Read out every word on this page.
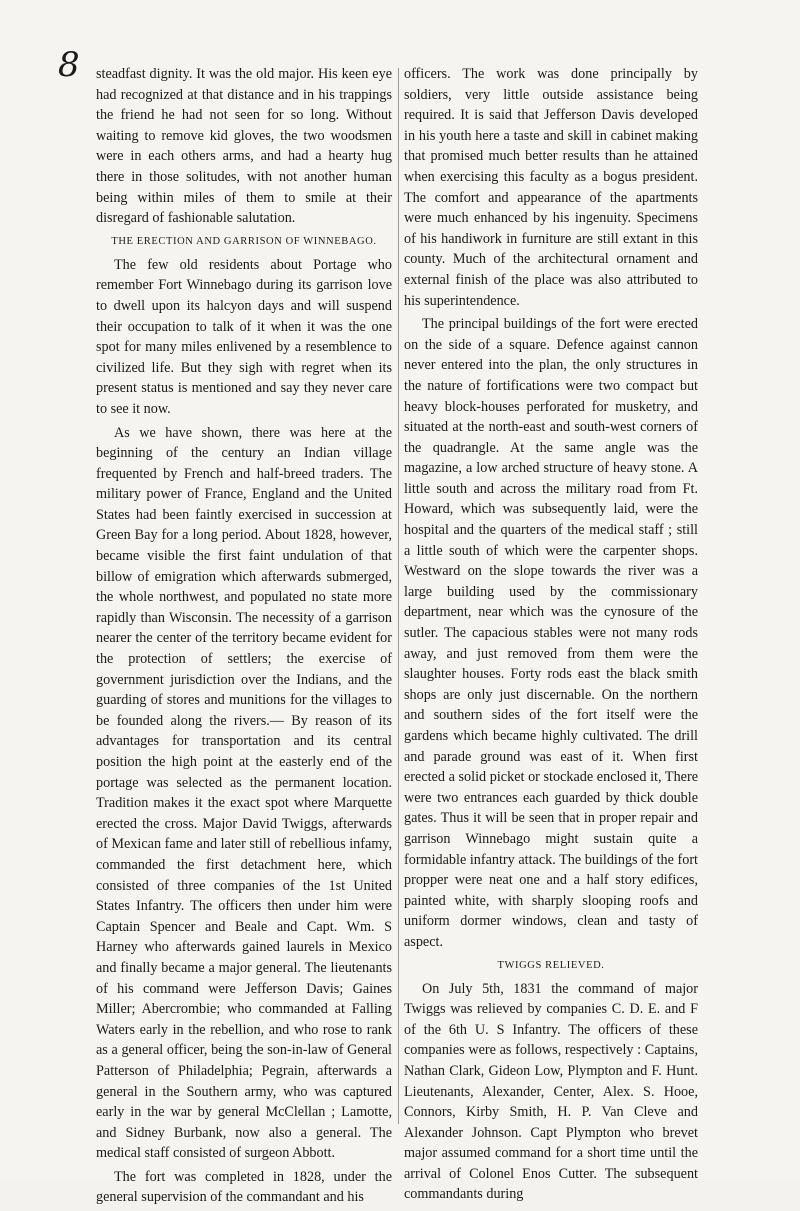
8 steadfast dignity. It was the old major. His keen eye had recognized at that distance and in his trappings the friend he had not seen for so long. Without waiting to remove kid gloves, the two woodsmen were in each others arms, and had a hearty hug there in those solitudes, with not another human being within miles of them to smile at their disregard of fashionable salutation.

THE ERECTION AND GARRISON OF WINNEBAGO.

The few old residents about Portage who remember Fort Winnebago during its garrison love to dwell upon its halcyon days and will suspend their occupation to talk of it when it was the one spot for many miles enlivened by a resemblence to civilized life. But they sigh with regret when its present status is mentioned and say they never care to see it now.

As we have shown, there was here at the beginning of the century an Indian village frequented by French and half-breed traders. The military power of France, England and the United States had been faintly exercised in succession at Green Bay for a long period. About 1828, however, became visible the first faint undulation of that billow of emigration which afterwards submerged, the whole northwest, and populated no state more rapidly than Wisconsin. The necessity of a garrison nearer the center of the territory became evident for the protection of settlers; the exercise of government jurisdiction over the Indians, and the guarding of stores and munitions for the villages to be founded along the rivers.— By reason of its advantages for transportation and its central position the high point at the easterly end of the portage was selected as the permanent location. Tradition makes it the exact spot where Marquette erected the cross. Major David Twiggs, afterwards of Mexican fame and later still of rebellious infamy, commanded the first detachment here, which consisted of three companies of the 1st United States Infantry. The officers then under him were Captain Spencer and Beale and Capt. Wm. S Harney who afterwards gained laurels in Mexico and finally became a major general. The lieutenants of his command were Jefferson Davis; Gaines Miller; Abercrombie; who commanded at Falling Waters early in the rebellion, and who rose to rank as a general officer, being the son-in-law of General Patterson of Philadelphia; Pegrain, afterwards a general in the Southern army, who was captured early in the war by general McClellan ; Lamotte, and Sidney Burbank, now also a general. The medical staff consisted of surgeon Abbott.

The fort was completed in 1828, under the general supervision of the commandant and his

officers. The work was done principally by soldiers, very little outside assistance being required. It is said that Jefferson Davis developed in his youth here a taste and skill in cabinet making that promised much better results than he attained when exercising this faculty as a bogus president. The comfort and appearance of the apartments were much enhanced by his ingenuity. Specimens of his handiwork in furniture are still extant in this county. Much of the architectural ornament and external finish of the place was also attributed to his superintendence.

The principal buildings of the fort were erected on the side of a square. Defence against cannon never entered into the plan, the only structures in the nature of fortifications were two compact but heavy block-houses perforated for musketry, and situated at the north-east and south-west corners of the quadrangle. At the same angle was the magazine, a low arched structure of heavy stone. A little south and across the military road from Ft. Howard, which was subsequently laid, were the hospital and the quarters of the medical staff ; still a little south of which were the carpenter shops. Westward on the slope towards the river was a large building used by the commissionary department, near which was the cynosure of the sutler. The capacious stables were not many rods away, and just removed from them were the slaughter houses. Forty rods east the black smith shops are only just discernable. On the northern and southern sides of the fort itself were the gardens which became highly cultivated. The drill and parade ground was east of it. When first erected a solid picket or stockade enclosed it, There were two entrances each guarded by thick double gates. Thus it will be seen that in proper repair and garrison Winnebago might sustain quite a formidable infantry attack. The buildings of the fort propper were neat one and a half story edifices, painted white, with sharply slooping roofs and uniform dormer windows, clean and tasty of aspect.

TWIGGS RELIEVED.

On July 5th, 1831 the command of major Twiggs was relieved by companies C. D. E. and F of the 6th U. S Infantry. The officers of these companies were as follows, respectively : Captains, Nathan Clark, Gideon Low, Plympton and F. Hunt. Lieutenants, Alexander, Center, Alex. S. Hooe, Connors, Kirby Smith, H. P. Van Cleve and Alexander Johnson. Capt Plympton who brevet major assumed command for a short time until the arrival of Colonel Enos Cutter. The subsequent commandants during
